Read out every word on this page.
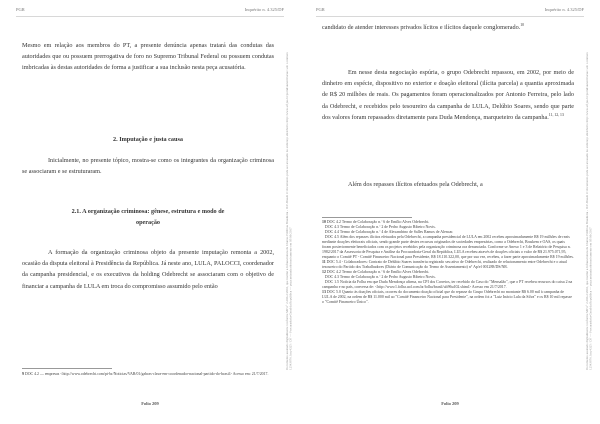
PGR	Inquérito n. 4.325/DF
Documento assinado digitalmente conforme MP n° 2.200-2/2001, que institui a Infraestrutura de Chaves Públicas Brasileira - ICP-Brasil. O documento pode ser acessado no endereço eletrônico http://www.stf.jus.br/portal/autenticacao/ sob o número 12543876. Inq 4325 / DF — Procuradoria-Geral da República — peça assinada eletronicamente em 05/09/2017

Mesmo em relação aos membros do PT, a presente denúncia apenas tratará das condutas das autoridades que ou possuem prerrogativa de foro no Supremo Tribunal Federal ou possuem condutas imbricadas às destas autoridades de forma a justificar a sua inclusão nesta peça acusatória.

2. Imputação e justa causa

Inicialmente, no presente tópico, mostra-se como os integrantes da organização criminosa se associaram e se estruturaram.

2.1. A organização criminosa: gênese, estrutura e modo de
operação

A formação da organização criminosa objeto da presente imputação remonta a 2002, ocasião da disputa eleitoral à Presidência da República. Já neste ano, LULA, PALOCCI, coordenador da campanha presidencial, e os executivos da holding Odebrecht se associaram com o objetivo de financiar a campanha de LULA em troca do compromisso assumido pelo então

9 DOC 4.2 — empresas <http://www.odebrecht.com/pt-br/Noticias/VAB/01/gabras-clava-em-coordenador-nacional-partido-do-brasil> Acesso em: 21/7/2017.

Folio 209
PGR	Inquérito n. 4.325/DF
Documento assinado digitalmente conforme MP n° 2.200-2/2001, que institui a Infraestrutura de Chaves Públicas Brasileira - ICP-Brasil. O documento pode ser acessado no endereço eletrônico http://www.stf.jus.br/portal/autenticacao/ sob o número 12543876. Inq 4325 / DF — Procuradoria-Geral da República — peça assinada eletronicamente em 05/09/2017

candidato de atender interesses privados lícitos e ilícitos daquele conglomerado.$^{10}$

Em nesse desta negociação espúria, o grupo Odebrecht repassou, em 2002, por meio de dinheiro em espécie, dispositivo no exterior e doação eleitoral (ilícita parcela) a quantia aproximada de R$ 20 milhões de reais. Os pagamentos foram operacionalizados por Antonio Ferreira, pelo lado da Odebrecht, e recebidos pelo tesoureiro da campanha de LULA, Delúbio Soares, sendo que parte dos valores foram repassados diretamente para Duda Mendonça, marqueteiro da campanha.$^{11, 12, 13}$

Além dos repasses ilícitos efetuados pela Odebrecht, a

10 DOC 4.2 Termo de Colaboração n.º 6 de Emílio Alves Odebrecht.

DOC 4.3 Termo de Colaboração n.º 2 de Pedro Augusto Ribeiro Novis.

DOC 4.4 Termo de Colaboração n.º 4 de Alexandrino de Salles Ramos de Alencar.

DOC 4.5 Além dos repasses ilícitos efetuados pela Odebrecht, a campanha presidencial de LULA em 2002 recebeu aproximadamente R$ 19 milhões de reais mediante doações eleitorais oficiais, sendo grande parte destes recursos originados de sociedades empresárias, como a Odebrecht, Braskem e OAS, os quais foram posteriormente beneficiados com os projetos recebidos pela organização criminosa ora denunciada. Conforme se Anexo 1 e 3 de Relatório de Pesquisa n. 1982/2017 da Assessoria de Pesquisa e Análise da Procuradoria-Geral da República, LULA recebeu através de doações oficiais o valor de R$ 21.975.071,95, enquanto o Comitê PT - Comitê Financeiro Nacional para Presidente, R$ 18.110.322,00, que por sua vez, recebeu, a fazer parte aproximadamente R$ 19 milhões.

11 DOC 5.4 - Colaboradores: Contrato de Delúbio Soares transferiu registrado seu ativo de Odebrecht, realizado de relacionamento entre Odebrecht e o atual tesoureiro do Partido dos Trabalhadores (Diário de Comunicação do Termo de Assentamento) n° Ap/el 001288/DS/NR.

12 DOC 4.2 Termo de Colaboração n.º 6 de Emílio Alves Odebrecht.

DOC 4.3 Termo de Colaboração n.º 2 de Pedro Augusto Ribeiro Novis.

DOC 1.5 Notícia da Folha em que Duda Mendonça afirma, na CPI dos Correios, ter recebido do Caso do "Mensalão", que o PT recebeu recursos do caixa 2 na campanha e no país, conversa de: <http://www1.folha.uol.com.br/folha/brasil/ult96u102.shtml> Acesso em 21/7/2017.

13 DOC 5.0 Quanto às doações oficiais, ocorreu do documento doação oficial que do repasse do Grupo Odebrecht no montante R$ 6.00 mil à campanha de LULA de 2002, na ordem de R$ 11.000 mil ao "Comitê Financeiro Nacional para Presidente", na ordem foi a "Luiz Inácio Lula da Silva" e os R$ 10 mil repasse o "Comitê Financeiro Único".

Folio 209
